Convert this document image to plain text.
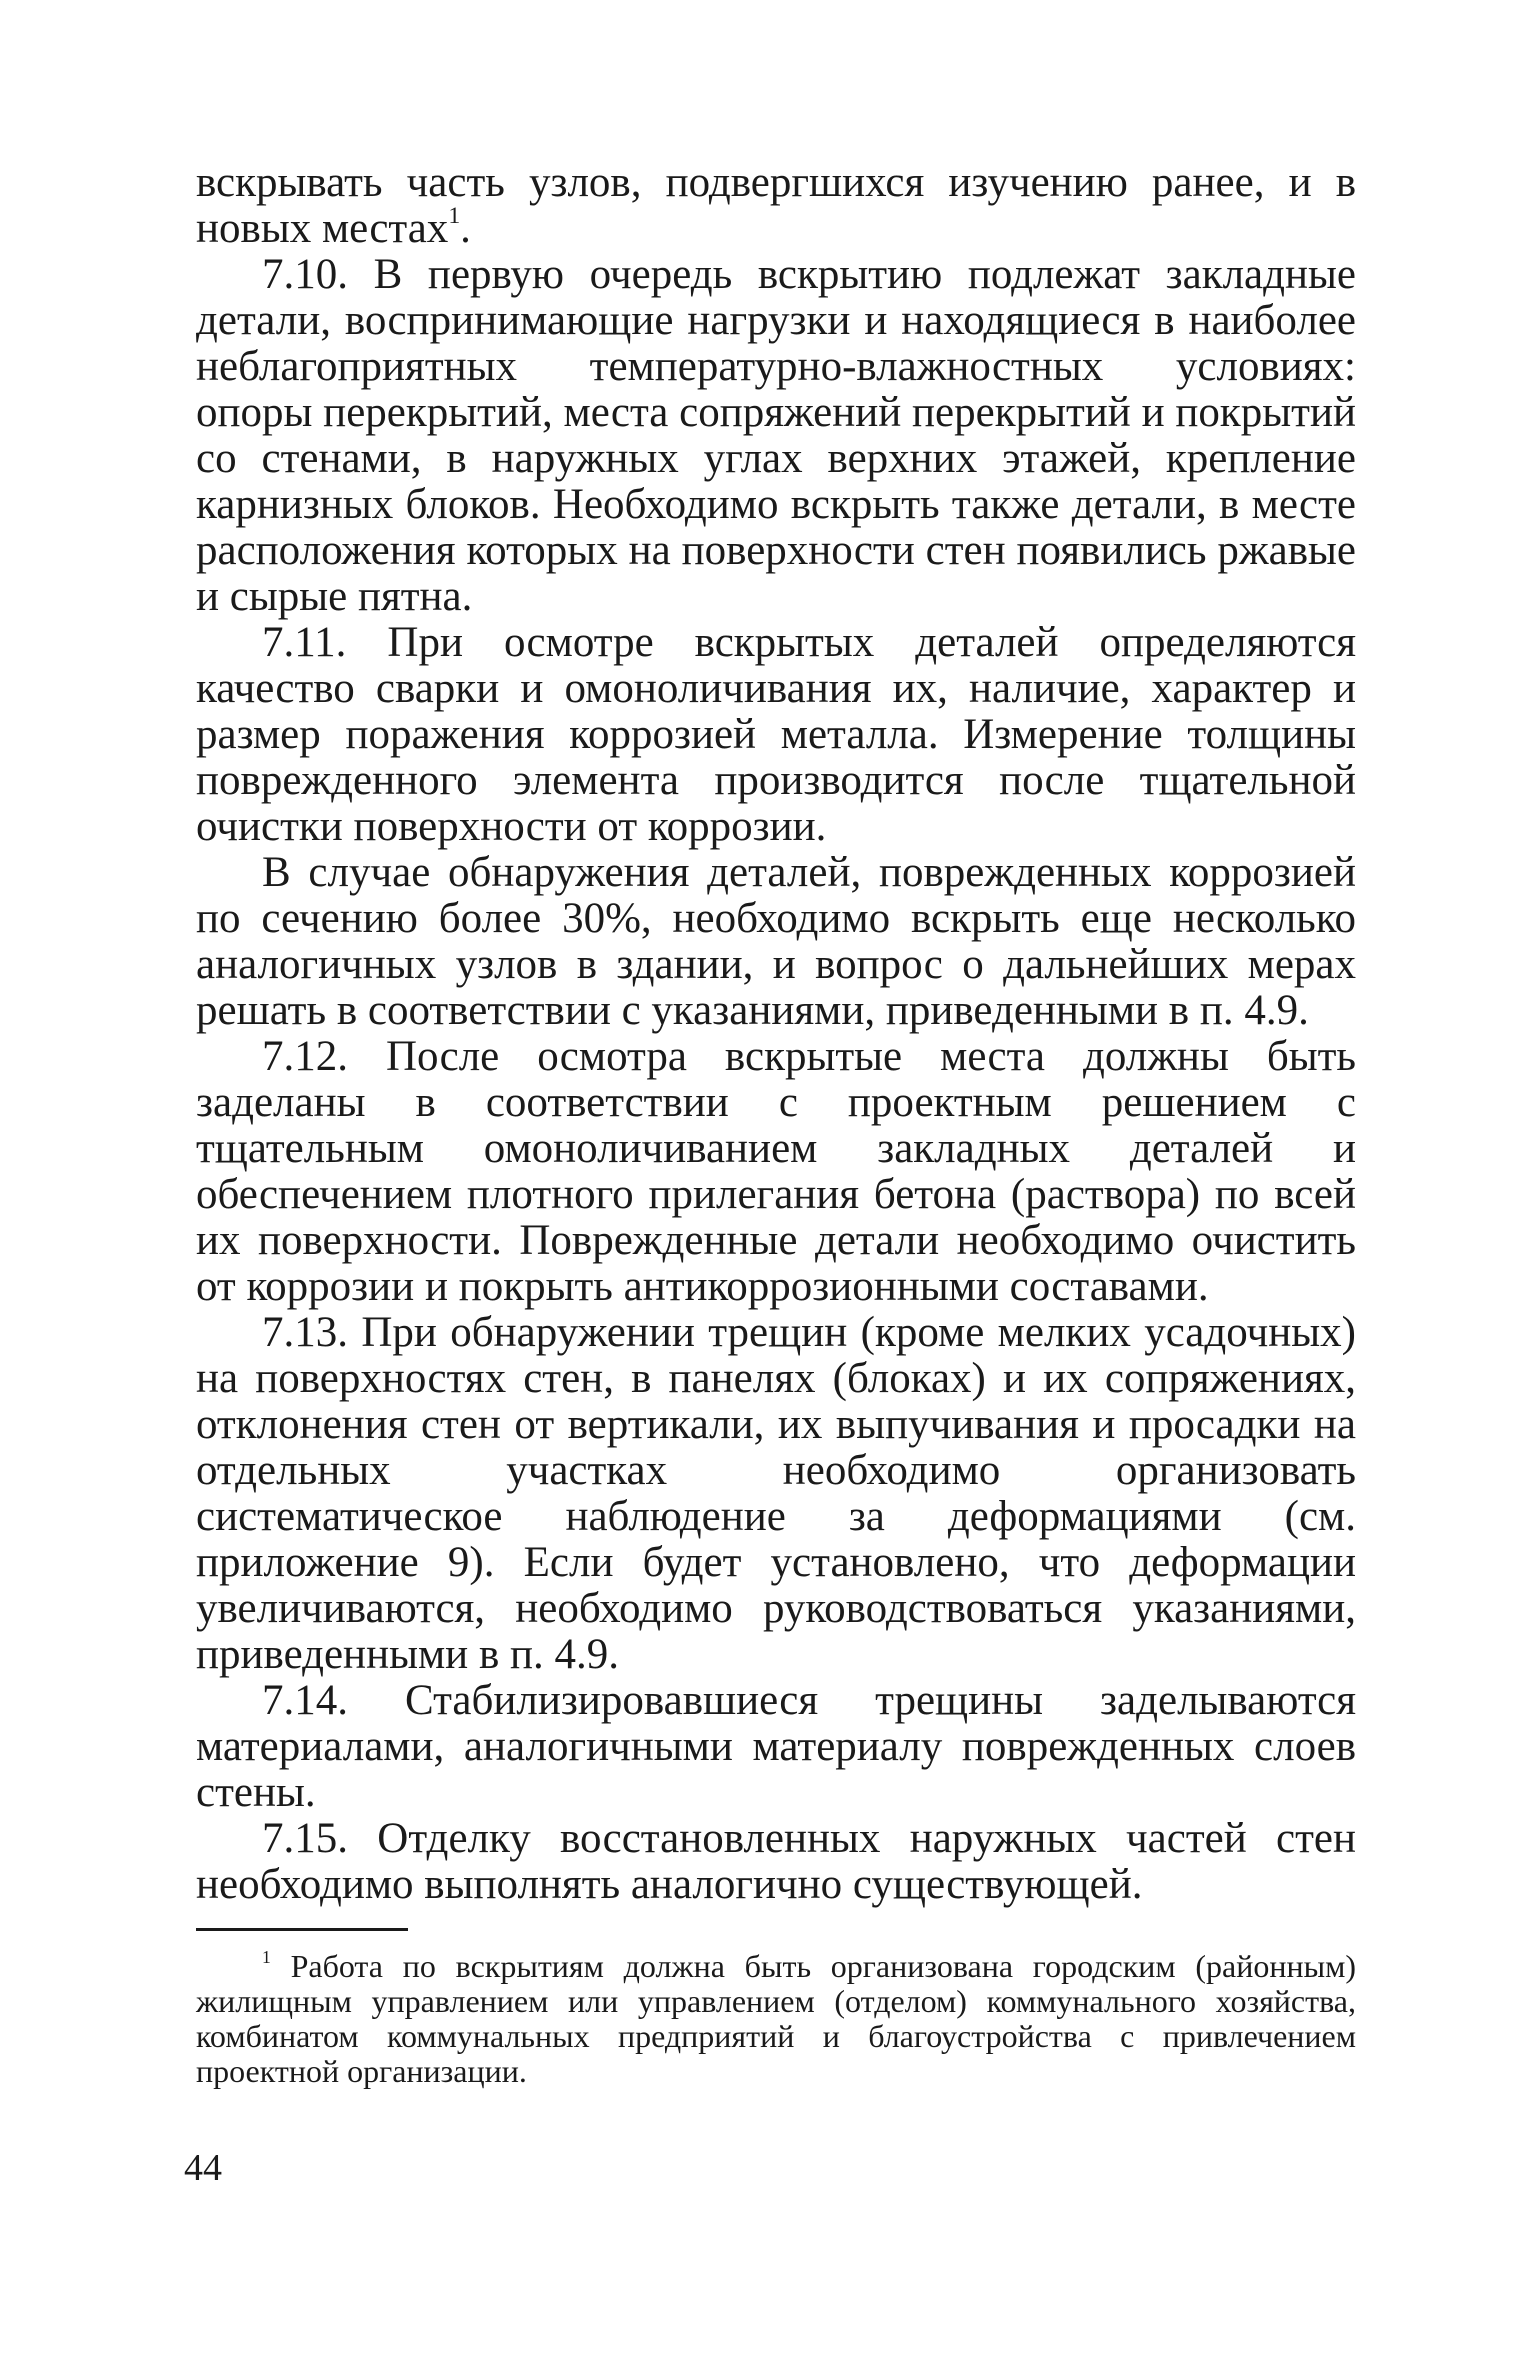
вскрывать часть узлов, подвергшихся изучению ранее, и в новых местах$^1$.

7.10. В первую очередь вскрытию подлежат закладные детали, воспринимающие нагрузки и находящиеся в наиболее неблагоприятных температурно-влажностных условиях: опоры перекрытий, места сопряжений перекрытий и покрытий со стенами, в наружных углах верхних этажей, крепление карнизных блоков. Необходимо вскрыть также детали, в месте расположения которых на поверхности стен появились ржавые и сырые пятна.

7.11. При осмотре вскрытых деталей определяются качество сварки и омоноличивания их, наличие, характер и размер поражения коррозией металла. Измерение толщины поврежденного элемента производится после тщательной очистки поверхности от коррозии.

В случае обнаружения деталей, поврежденных коррозией по сечению более 30%, необходимо вскрыть еще несколько аналогичных узлов в здании, и вопрос о дальнейших мерах решать в соответствии с указаниями, приведенными в п. 4.9.

7.12. После осмотра вскрытые места должны быть заделаны в соответствии с проектным решением с тщательным омоноличиванием закладных деталей и обеспечением плотного прилегания бетона (раствора) по всей их поверхности. Поврежденные детали необходимо очистить от коррозии и покрыть антикоррозионными составами.

7.13. При обнаружении трещин (кроме мелких усадочных) на поверхностях стен, в панелях (блоках) и их сопряжениях, отклонения стен от вертикали, их выпучивания и просадки на отдельных участках необходимо организовать систематическое наблюдение за деформациями (см. приложение 9). Если будет установлено, что деформации увеличиваются, необходимо руководствоваться указаниями, приведенными в п. 4.9.

7.14. Стабилизировавшиеся трещины заделываются материалами, аналогичными материалу поврежденных слоев стены.

7.15. Отделку восстановленных наружных частей стен необходимо выполнять аналогично существующей.

$^1$ Работа по вскрытиям должна быть организована городским (районным) жилищным управлением или управлением (отделом) коммунального хозяйства, комбинатом коммунальных предприятий и благоустройства с привлечением проектной организации.
44
